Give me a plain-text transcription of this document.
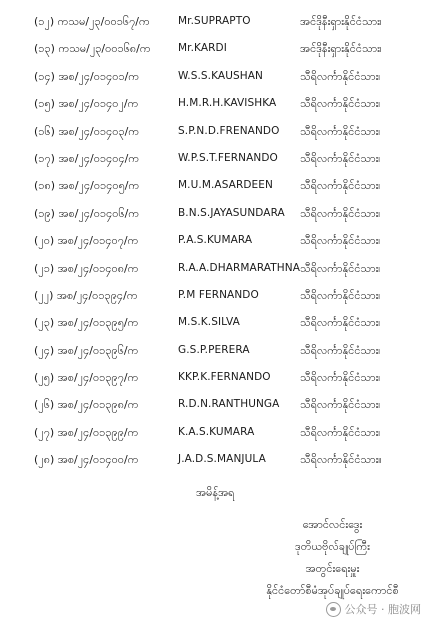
(၁၂) ကသမ/၂၃/၀၀၁၆၇/က	Mr.SUPRAPTO	အင်ဒိုနီးရှားနိုင်ငံသား၊
(၁၃) ကသမ/၂၃/၀၀၁၆၈/က	Mr.KARDI	အင်ဒိုနီးရှားနိုင်ငံသား၊
(၁၄) အစ/၂၄/၀၁၄၀၁/က	W.S.S.KAUSHAN	သီရိလင်္ကာနိုင်ငံသား၊
(၁၅) အစ/၂၄/၀၁၄၀၂/က	H.M.R.H.KAVISHKA သီရိလင်္ကာနိုင်ငံသား၊
(၁၆) အစ/၂၄/၀၁၄၀၃/က	S.P.N.D.FRENANDO သီရိလင်္ကာနိုင်ငံသား၊
(၁၇) အစ/၂၄/၀၁၄၀၄/က	W.P.S.T.FERNANDO သီရိလင်္ကာနိုင်ငံသား၊
(၁၈) အစ/၂၄/၀၁၄၀၅/က	M.U.M.ASARDEEN သီရိလင်္ကာနိုင်ငံသား၊
(၁၉) အစ/၂၄/၀၁၄၀၆/က	B.N.S.JAYASUNDARA သီရိလင်္ကာနိုင်ငံသား၊
(၂၀) အစ/၂၄/၀၁၄၀၇/က	P.A.S.KUMARA	သီရိလင်္ကာနိုင်ငံသား၊
(၂၁) အစ/၂၄/၀၁၄၀၈/က	R.A.A.DHARMARATHNA သီရိလင်္ကာနိုင်ငံသား၊
(၂၂) အစ/၂၄/၀၁၃၉၄/က	P.M FERNANDO	သီရိလင်္ကာနိုင်ငံသား၊
(၂၃) အစ/၂၄/၀၁၃၉၅/က	M.S.K.SILVA	သီရိလင်္ကာနိုင်ငံသား၊
(၂၄) အစ/၂၄/၀၁၃၉၆/က	G.S.P.PERERA	သီရိလင်္ကာနိုင်ငံသား၊
(၂၅) အစ/၂၄/၀၁၃၉၇/က	KKP.K.FERNANDO	သီရိလင်္ကာနိုင်ငံသား၊
(၂၆) အစ/၂၄/၀၁၃၉၈/က	R.D.N.RANTHUNGA သီရိလင်္ကာနိုင်ငံသား၊
(၂၇) အစ/၂၄/၀၁၃၉၉/က	K.A.S.KUMARA	သီရိလင်္ကာနိုင်ငံသား၊
(၂၈) အစ/၂၄/၀၁၄၀၀/က	J.A.D.S.MANJULA	သီရိလင်္ကာနိုင်ငံသား။
အမိန့်အရ
အောင်လင်းဒွေး
ဒုတိယဗိုလ်ချုပ်ကြီး
အတွင်းရေးမှူး
နိုင်ငံတော်စီမံအုပ်ချုပ်ရေးကောင်စီ
公众号 · 胞波网
